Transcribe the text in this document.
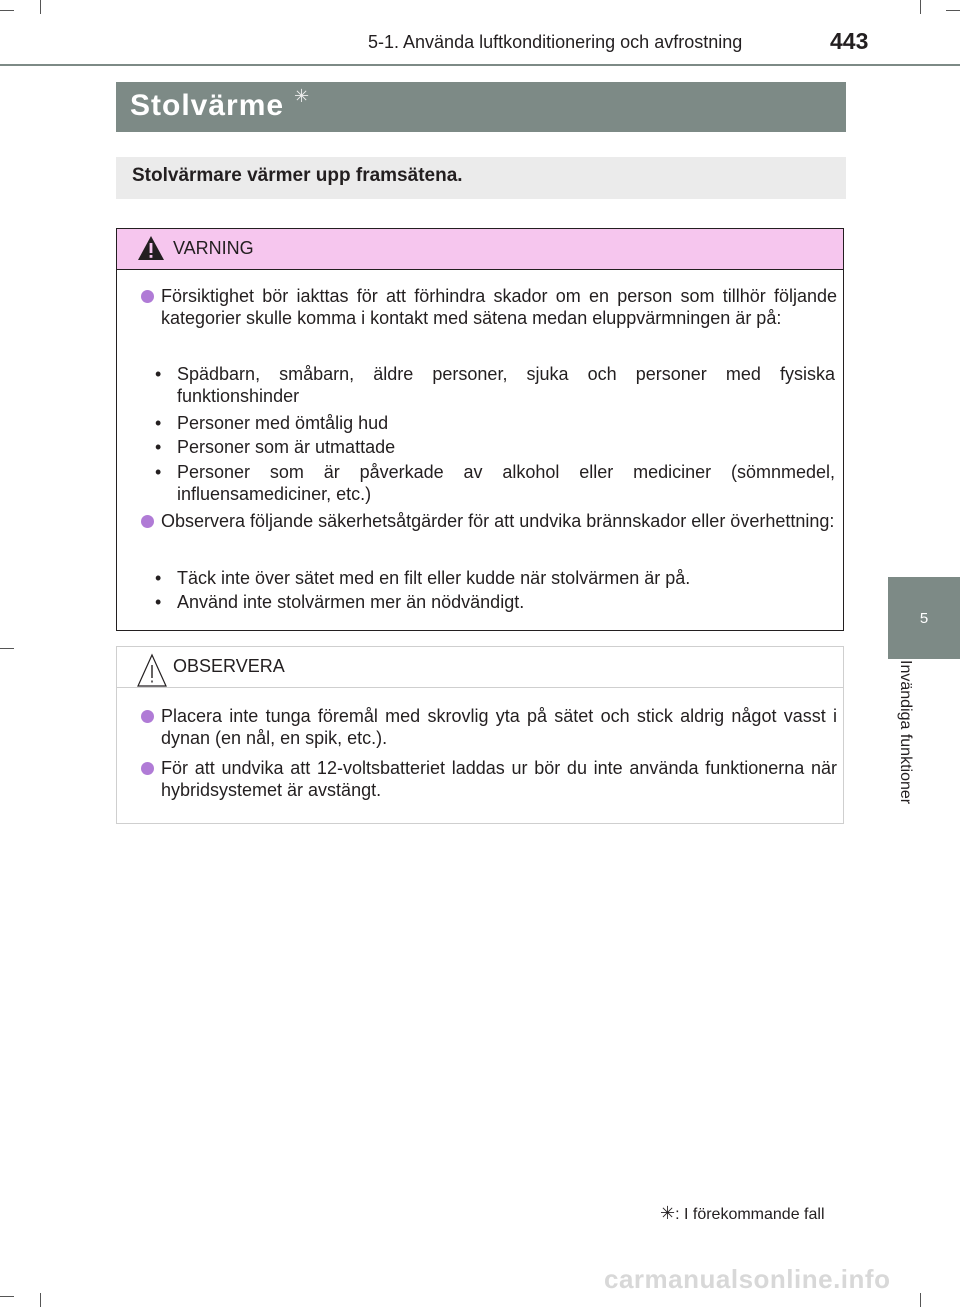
5-1. Använda luftkonditionering och avfrostning	443
5
Invändiga funktioner
Stolvärme ✳
Stolvärmare värmer upp framsätena.
VARNING
Försiktighet bör iakttas för att förhindra skador om en person som tillhör följande kategorier skulle komma i kontakt med sätena medan eluppvärmningen är på:
• Spädbarn, småbarn, äldre personer, sjuka och personer med fysiska funktionshinder
• Personer med ömtålig hud
• Personer som är utmattade
• Personer som är påverkade av alkohol eller mediciner (sömnmedel, influensamediciner, etc.)
Observera följande säkerhetsåtgärder för att undvika brännskador eller överhettning:
• Täck inte över sätet med en filt eller kudde när stolvärmen är på.
• Använd inte stolvärmen mer än nödvändigt.
OBSERVERA
Placera inte tunga föremål med skrovlig yta på sätet och stick aldrig något vasst i dynan (en nål, en spik, etc.).
För att undvika att 12-voltsbatteriet laddas ur bör du inte använda funktionerna när hybridsystemet är avstängt.
✳: I förekommande fall
carmanualsonline.info
